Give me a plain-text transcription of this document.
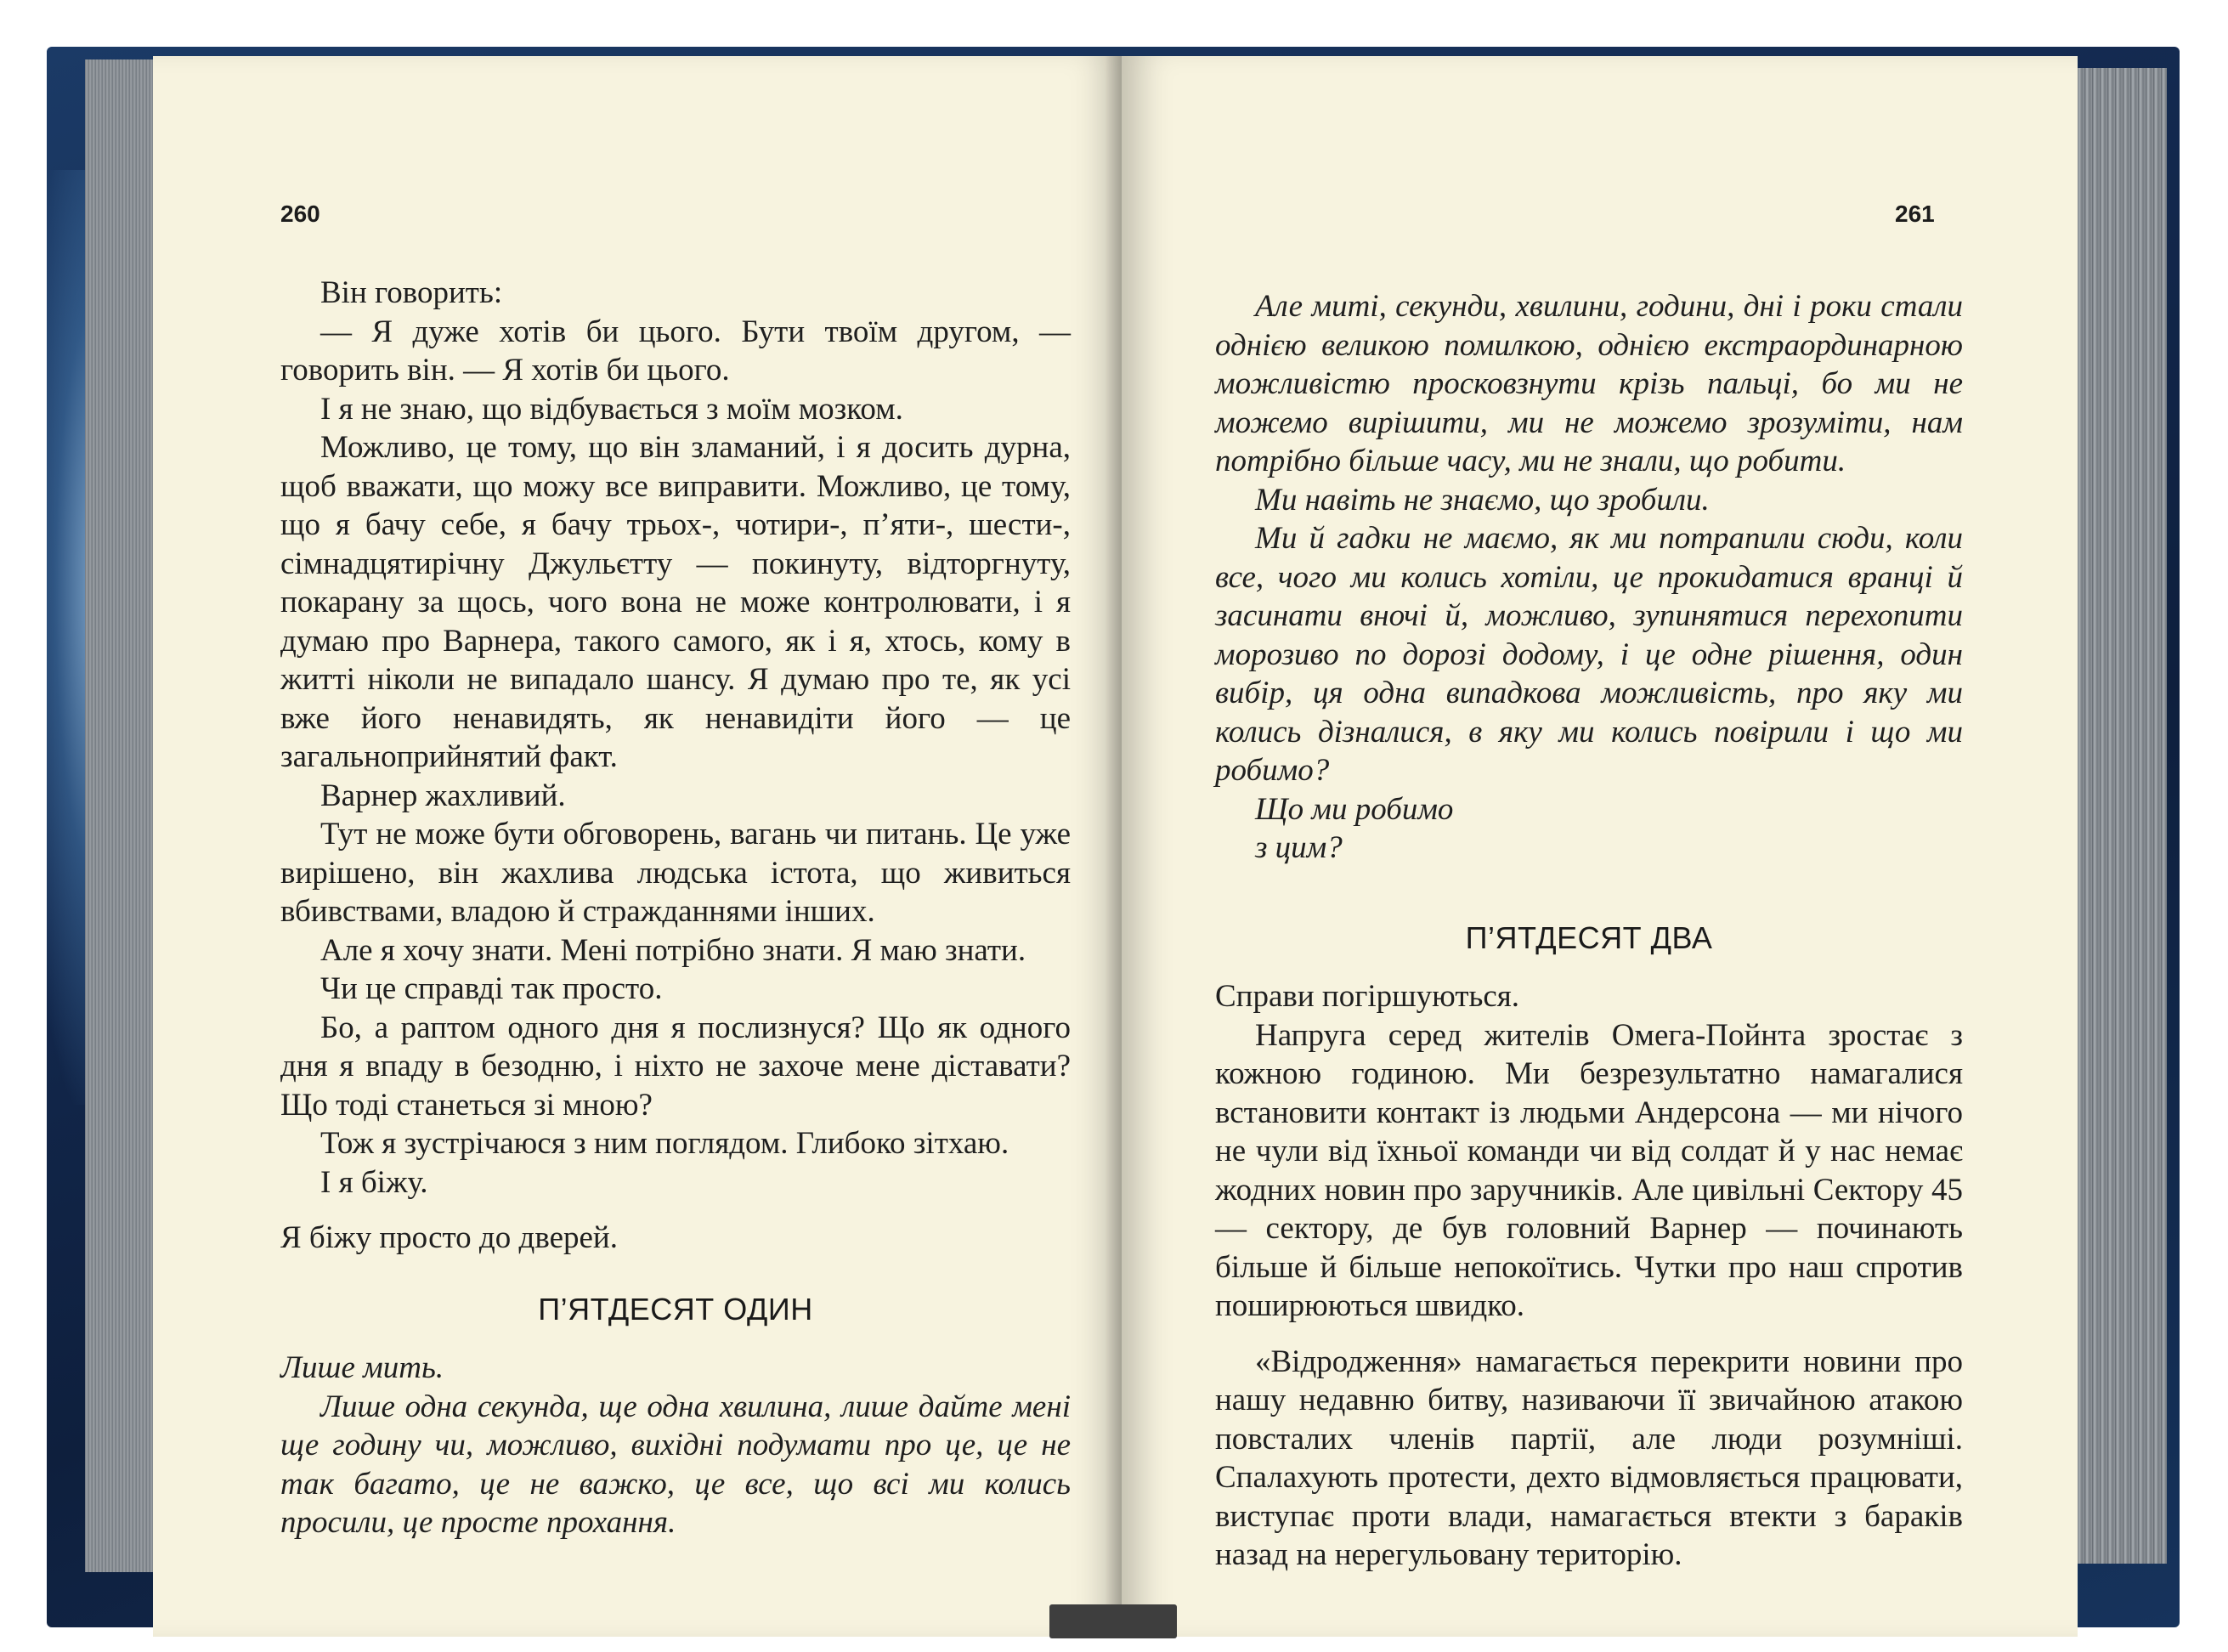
260

Він говорить:

— Я дуже хотів би цього. Бути твоїм другом, — говорить він. — Я хотів би цього.

І я не знаю, що відбувається з моїм мозком.

Можливо, це тому, що він зламаний, і я досить дурна, щоб вважати, що можу все виправити. Можливо, це тому, що я бачу себе, я бачу трьох-, чотири-, п’яти-, шести-, сімнадцятирічну Джульєтту — покинуту, відторгнуту, покарану за щось, чого вона не може контролювати, і я думаю про Варнера, такого самого, як і я, хтось, кому в житті ніколи не випадало шансу. Я думаю про те, як усі вже його ненавидять, як ненавидіти його — це загальноприйнятий факт.

Варнер жахливий.

Тут не може бути обговорень, вагань чи питань. Це уже вирішено, він жахлива людська істота, що живиться вбивствами, владою й стражданнями інших.

Але я хочу знати. Мені потрібно знати. Я маю знати.

Чи це справді так просто.

Бо, а раптом одного дня я послизнуся? Що як одного дня я впаду в безодню, і ніхто не захоче мене діставати? Що тоді станеться зі мною?

Тож я зустрічаюся з ним поглядом. Глибоко зітхаю.

І я біжу.

Я біжу просто до дверей.

П’ЯТДЕСЯТ ОДИН

Лише мить.

Лише одна секунда, ще одна хвилина, лише дайте мені ще годину чи, можливо, вихідні подумати про це, це не так багато, це не важко, це все, що всі ми колись просили, це просте прохання.

261

Але миті, секунди, хвилини, години, дні і роки стали однією великою помилкою, однією екстраординарною можливістю просковзнути крізь пальці, бо ми не можемо вирішити, ми не можемо зрозуміти, нам потрібно більше часу, ми не знали, що робити.

Ми навіть не знаємо, що зробили.

Ми й гадки не маємо, як ми потрапили сюди, коли все, чого ми колись хотіли, це прокидатися вранці й засинати вночі й, можливо, зупинятися перехопити морозиво по дорозі додому, і це одне рішення, один вибір, ця одна випадкова можливість, про яку ми колись дізналися, в яку ми колись повірили і що ми робимо?

Що ми робимо

з цим?

П’ЯТДЕСЯТ ДВА

Справи погіршуються.

Напруга серед жителів Омега-Пойнта зростає з кожною годиною. Ми безрезультатно намагалися встановити контакт із людьми Андерсона — ми нічого не чули від їхньої команди чи від солдат й у нас немає жодних новин про заручників. Але цивільні Сектору 45 — сектору, де був головний Варнер — починають більше й більше непокоїтись. Чутки про наш спротив поширюються швидко.

«Відродження» намагається перекрити новини про нашу недавню битву, називаючи її звичайною атакою повсталих членів партії, але люди розумніші. Спалахують протести, дехто відмовляється працювати, виступає проти влади, намагається втекти з бараків назад на нерегульовану територію.
